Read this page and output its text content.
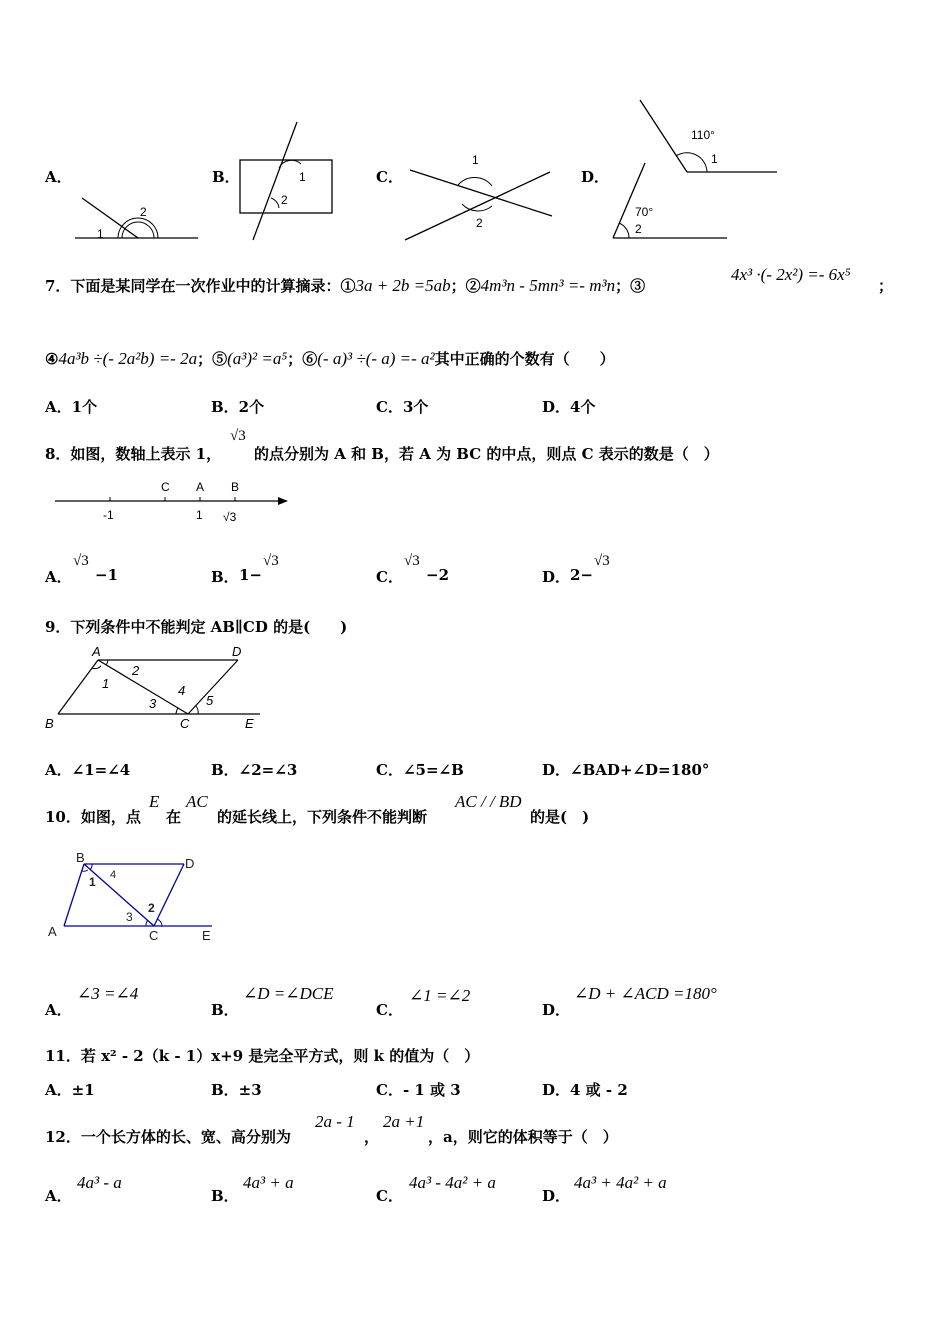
A．	B．	C．	D．
1
2
1
2
1
2
110°
1
70°
2
7．下面是某同学在一次作业中的计算摘录：①3a + 2b =5ab；②4m³n - 5mn³ =- m³n；③
4x³ ·(- 2x²) =- 6x⁵
；
④4a³b ÷(- 2a²b) =- 2a；⑤(a³)² =a⁵；⑥(- a)³ ÷(- a) =- a²其中正确的个数有（　　）
A．1个	B．2个	C．3个	D．4个
8．如图，数轴上表示 1，
√3
的点分别为 A 和 B，若 A 为 BC 的中点，则点 C 表示的数是（　）
C A B
-1	1 √3
A．
√3
−1	B． 1−
√3
C．
√3
−2	D． 2−
√3
9．下列条件中不能判定 AB∥CD 的是(　　)
A	D
B	C	E
1
2
3
4
5
A．∠1=∠4	B．∠2=∠3	C．∠5=∠B	D．∠BAD+∠D=180°
10．如图，点
E
在
AC
的延长线上，下列条件不能判断
AC / / BD
的是(　)
B	D
A	C	E
1 4
3
2
A．
∠3 =∠4
B．
∠D =∠DCE
C．
∠1 =∠2
D．
∠D + ∠ACD =180°
11．若 x² - 2（k - 1）x+9 是完全平方式，则 k 的值为（　）
A．±1	B．±3	C．- 1 或 3	D．4 或 - 2
12．一个长方体的长、宽、高分别为
2a - 1
，
2a +1
，a，则它的体积等于（　）
A．
4a³ - a
B．
4a³ + a
C．
4a³ - 4a² + a
D．
4a³ + 4a² + a
